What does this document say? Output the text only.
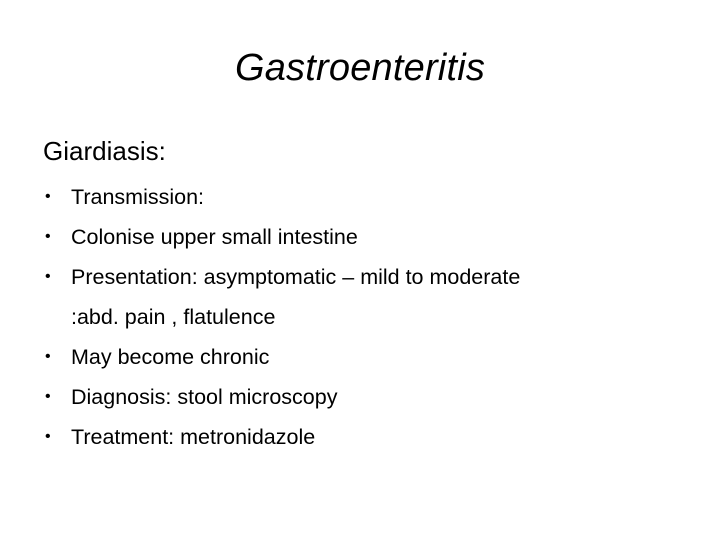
Gastroenteritis
Giardiasis:
• Transmission:
• Colonise upper small intestine
• Presentation: asymptomatic – mild to moderate :abd. pain , flatulence
• May become chronic
• Diagnosis: stool microscopy
• Treatment: metronidazole
